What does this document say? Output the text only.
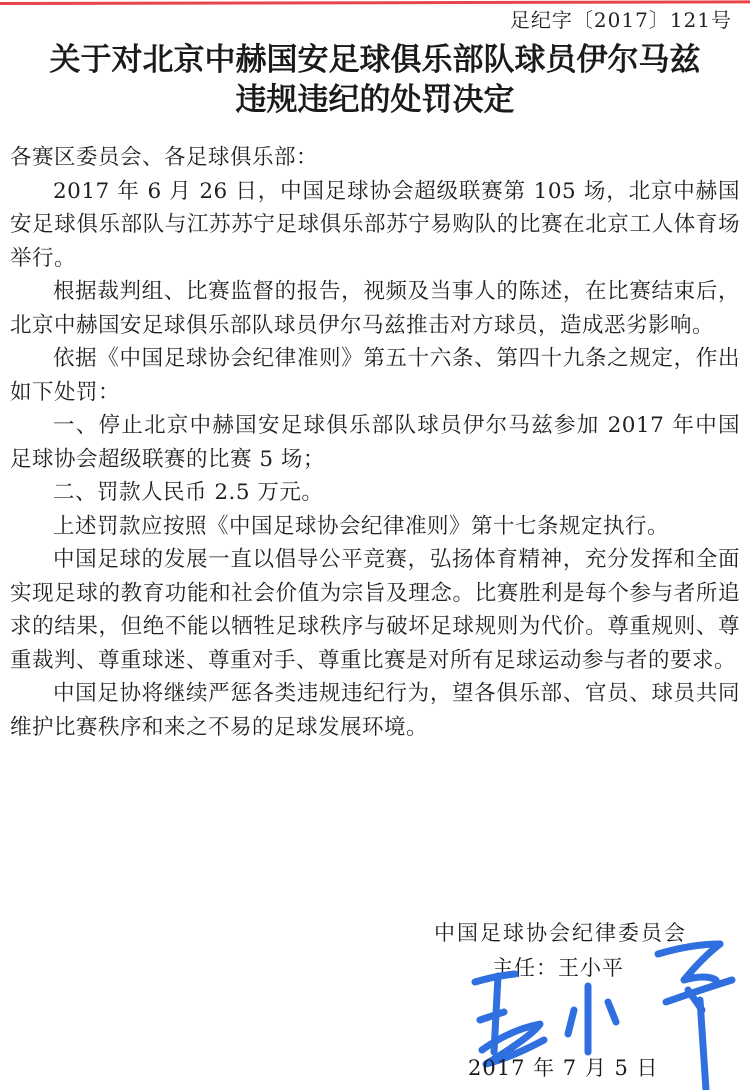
足纪字〔2017〕121号
关于对北京中赫国安足球俱乐部队球员伊尔马兹
违规违纪的处罚决定

各赛区委员会、各足球俱乐部：

2017 年 6 月 26 日，中国足球协会超级联赛第 105 场，北京中赫国安足球俱乐部队与江苏苏宁足球俱乐部苏宁易购队的比赛在北京工人体育场举行。

根据裁判组、比赛监督的报告，视频及当事人的陈述，在比赛结束后，北京中赫国安足球俱乐部队球员伊尔马兹推击对方球员，造成恶劣影响。

依据《中国足球协会纪律准则》第五十六条、第四十九条之规定，作出如下处罚：

一、停止北京中赫国安足球俱乐部队球员伊尔马兹参加 2017 年中国足球协会超级联赛的比赛 5 场；

二、罚款人民币 2.5 万元。

上述罚款应按照《中国足球协会纪律准则》第十七条规定执行。

中国足球的发展一直以倡导公平竞赛，弘扬体育精神，充分发挥和全面实现足球的教育功能和社会价值为宗旨及理念。比赛胜利是每个参与者所追求的结果，但绝不能以牺牲足球秩序与破坏足球规则为代价。尊重规则、尊重裁判、尊重球迷、尊重对手、尊重比赛是对所有足球运动参与者的要求。

中国足协将继续严惩各类违规违纪行为，望各俱乐部、官员、球员共同维护比赛秩序和来之不易的足球发展环境。

中国足球协会纪律委员会
主任：王小平
2017 年 7 月 5 日
